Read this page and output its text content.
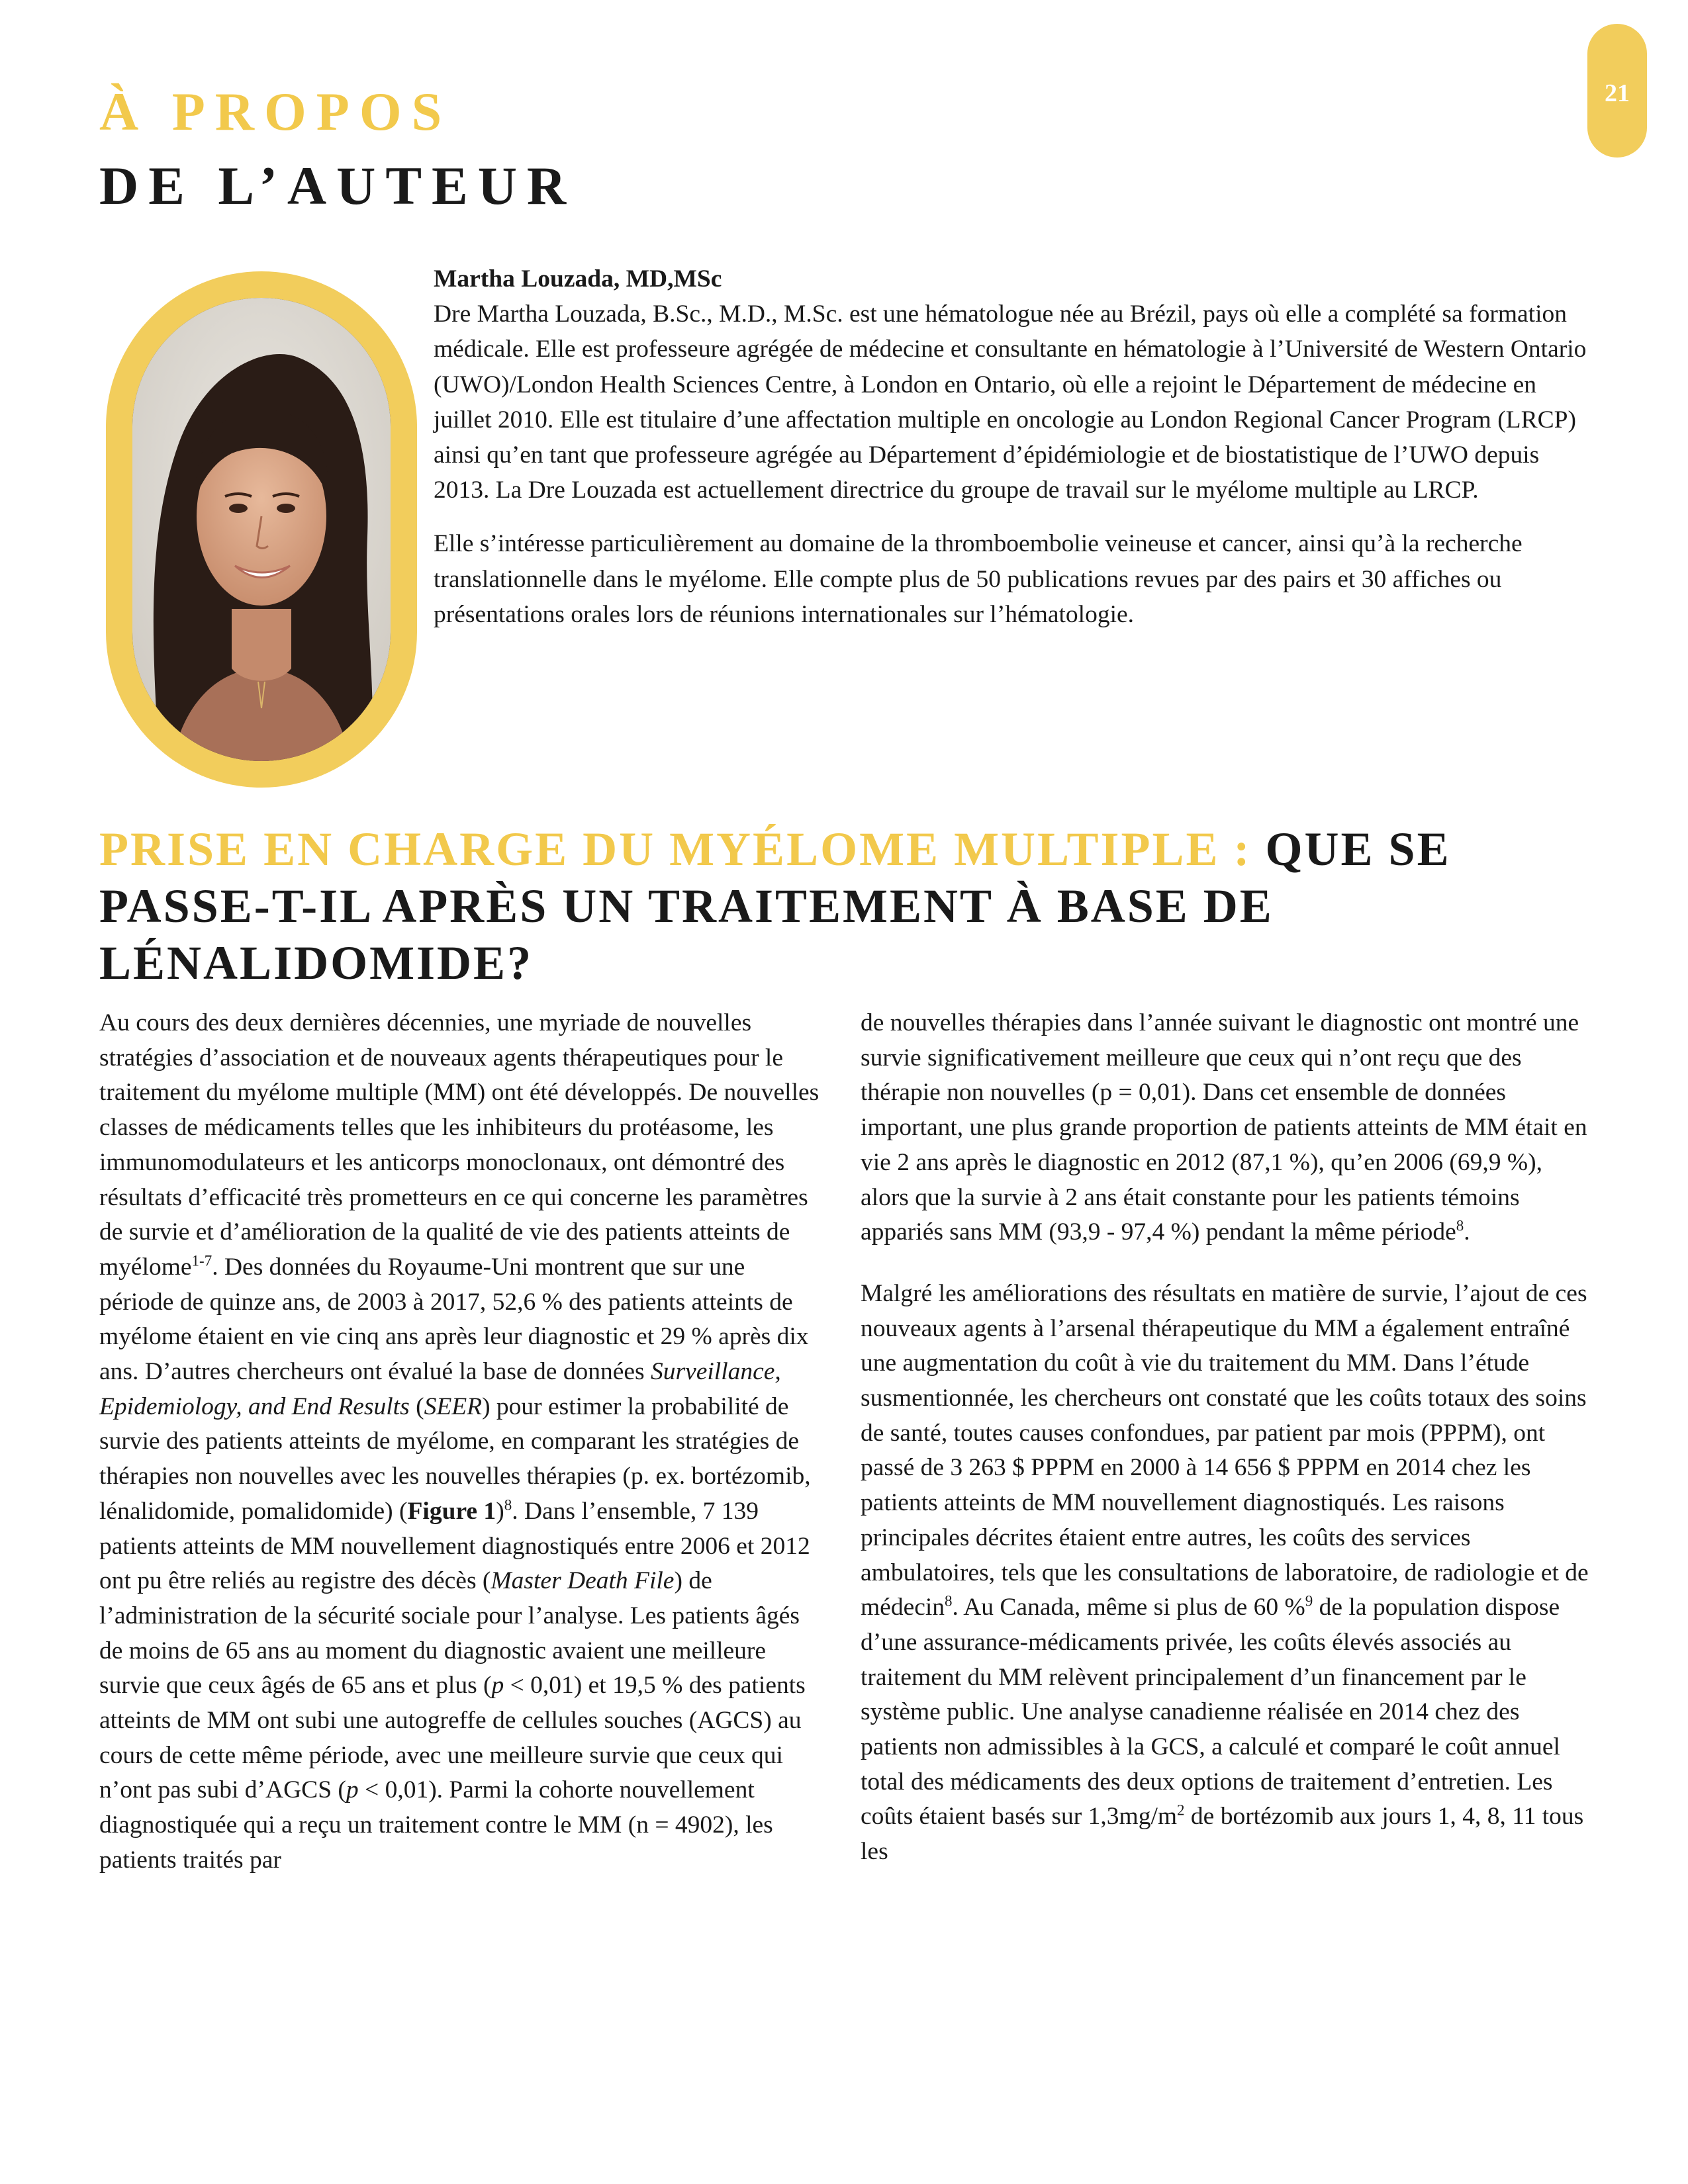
21
À PROPOS
DE L’AUTEUR

Martha Louzada, MD,MSc
Dre Martha Louzada, B.Sc., M.D., M.Sc. est une hématologue née au Brézil, pays où elle a complété sa formation médicale. Elle est professeure agrégée de médecine et consultante en hématologie à l’Université de Western Ontario (UWO)/London Health Sciences Centre, à London en Ontario, où elle a rejoint le Département de médecine en juillet 2010. Elle est titulaire d’une affectation multiple en oncologie au London Regional Cancer Program (LRCP) ainsi qu’en tant que professeure agrégée au Département d’épidémiologie et de biostatistique de l’UWO depuis 2013. La Dre Louzada est actuellement directrice du groupe de travail sur le myélome multiple au LRCP.

Elle s’intéresse particulièrement au domaine de la thromboembolie veineuse et cancer, ainsi qu’à la recherche translationnelle dans le myélome. Elle compte plus de 50 publications revues par des pairs et 30 affiches ou présentations orales lors de réunions internationales sur l’hématologie.

PRISE EN CHARGE DU MYÉLOME MULTIPLE : QUE SE PASSE-T-IL APRÈS UN TRAITEMENT À BASE DE LÉNALIDOMIDE?

Au cours des deux dernières décennies, une myriade de nouvelles stratégies d’association et de nouveaux agents thérapeutiques pour le traitement du myélome multiple (MM) ont été développés. De nouvelles classes de médicaments telles que les inhibiteurs du protéasome, les immunomodulateurs et les anticorps monoclonaux, ont démontré des résultats d’efficacité très prometteurs en ce qui concerne les paramètres de survie et d’amélioration de la qualité de vie des patients atteints de myélome$^{1-7}$. Des données du Royaume-Uni montrent que sur une période de quinze ans, de 2003 à 2017, 52,6 % des patients atteints de myélome étaient en vie cinq ans après leur diagnostic et 29 % après dix ans. D’autres chercheurs ont évalué la base de données Surveillance, Epidemiology, and End Results (SEER) pour estimer la probabilité de survie des patients atteints de myélome, en comparant les stratégies de thérapies non nouvelles avec les nouvelles thérapies (p. ex. bortézomib, lénalidomide, pomalidomide) (Figure 1)$^8$. Dans l’ensemble, 7 139 patients atteints de MM nouvellement diagnostiqués entre 2006 et 2012 ont pu être reliés au registre des décès (Master Death File) de l’administration de la sécurité sociale pour l’analyse. Les patients âgés de moins de 65 ans au moment du diagnostic avaient une meilleure survie que ceux âgés de 65 ans et plus (p < 0,01) et 19,5 % des patients atteints de MM ont subi une autogreffe de cellules souches (AGCS) au cours de cette même période, avec une meilleure survie que ceux qui n’ont pas subi d’AGCS (p < 0,01). Parmi la cohorte nouvellement diagnostiquée qui a reçu un traitement contre le MM (n = 4902), les patients traités par

de nouvelles thérapies dans l’année suivant le diagnostic ont montré une survie significativement meilleure que ceux qui n’ont reçu que des thérapie non nouvelles (p = 0,01). Dans cet ensemble de données important, une plus grande proportion de patients atteints de MM était en vie 2 ans après le diagnostic en 2012 (87,1 %), qu’en 2006 (69,9 %), alors que la survie à 2 ans était constante pour les patients témoins appariés sans MM (93,9 - 97,4 %) pendant la même période$^8$.

Malgré les améliorations des résultats en matière de survie, l’ajout de ces nouveaux agents à l’arsenal thérapeutique du MM a également entraîné une augmentation du coût à vie du traitement du MM. Dans l’étude susmentionnée, les chercheurs ont constaté que les coûts totaux des soins de santé, toutes causes confondues, par patient par mois (PPPM), ont passé de 3 263 $ PPPM en 2000 à 14 656 $ PPPM en 2014 chez les patients atteints de MM nouvellement diagnostiqués. Les raisons principales décrites étaient entre autres, les coûts des services ambulatoires, tels que les consultations de laboratoire, de radiologie et de médecin$^8$. Au Canada, même si plus de 60 %$^9$ de la population dispose d’une assurance-médicaments privée, les coûts élevés associés au traitement du MM relèvent principalement d’un financement par le système public. Une analyse canadienne réalisée en 2014 chez des patients non admissibles à la GCS, a calculé et comparé le coût annuel total des médicaments des deux options de traitement d’entretien. Les coûts étaient basés sur $1,3mg/m^2$ de bortézomib aux jours 1, 4, 8, 11 tous les
